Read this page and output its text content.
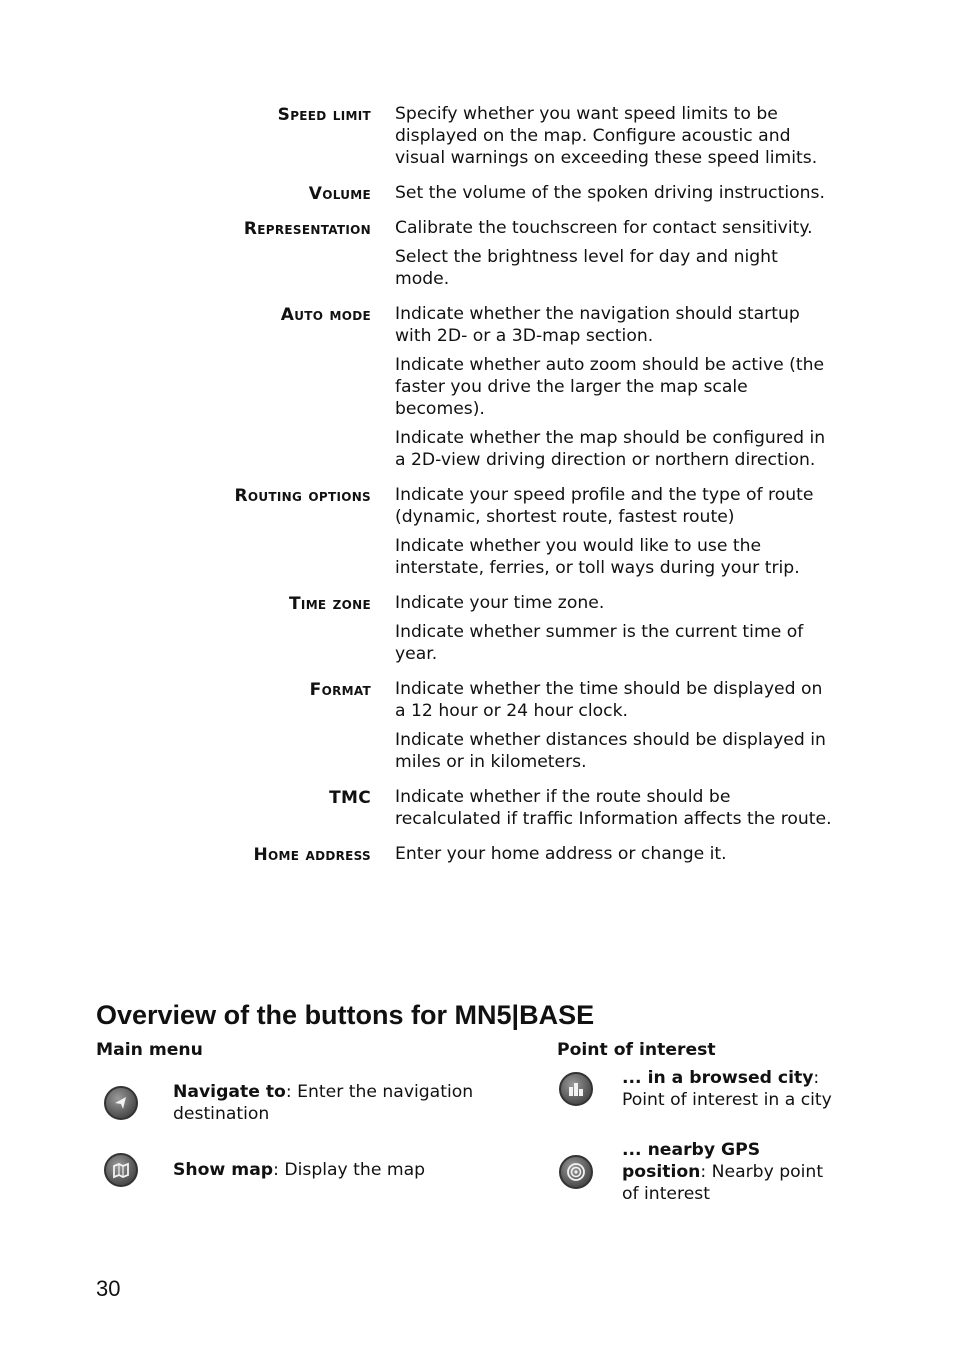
Speed limit Specify whether you want speed limits to be displayed on the map. Configure acoustic and visual warnings on exceeding these speed limits.

Volume Set the volume of the spoken driving instructions.

Representation Calibrate the touchscreen for contact sensitivity.

Select the brightness level for day and night mode.

Auto mode Indicate whether the navigation should startup with 2D- or a 3D-map section.

Indicate whether auto zoom should be active (the faster you drive the larger the map scale becomes).

Indicate whether the map should be configured in a 2D-view driving direction or northern direction.

Routing options Indicate your speed profile and the type of route (dynamic, shortest route, fastest route)

Indicate whether you would like to use the interstate, ferries, or toll ways during your trip.

Time zone Indicate your time zone.

Indicate whether summer is the current time of year.

Format Indicate whether the time should be displayed on a 12 hour or 24 hour clock.

Indicate whether distances should be displayed in miles or in kilometers.

TMC Indicate whether if the route should be recalculated if traffic Information affects the route.

Home address Enter your home address or change it.

Overview of the buttons for MN5|BASE

Main menu

Navigate to: Enter the navigation destination
Show map: Display the map

Point of interest

... in a browsed city: Point of interest in a city
... nearby GPS position: Nearby point of interest
30
